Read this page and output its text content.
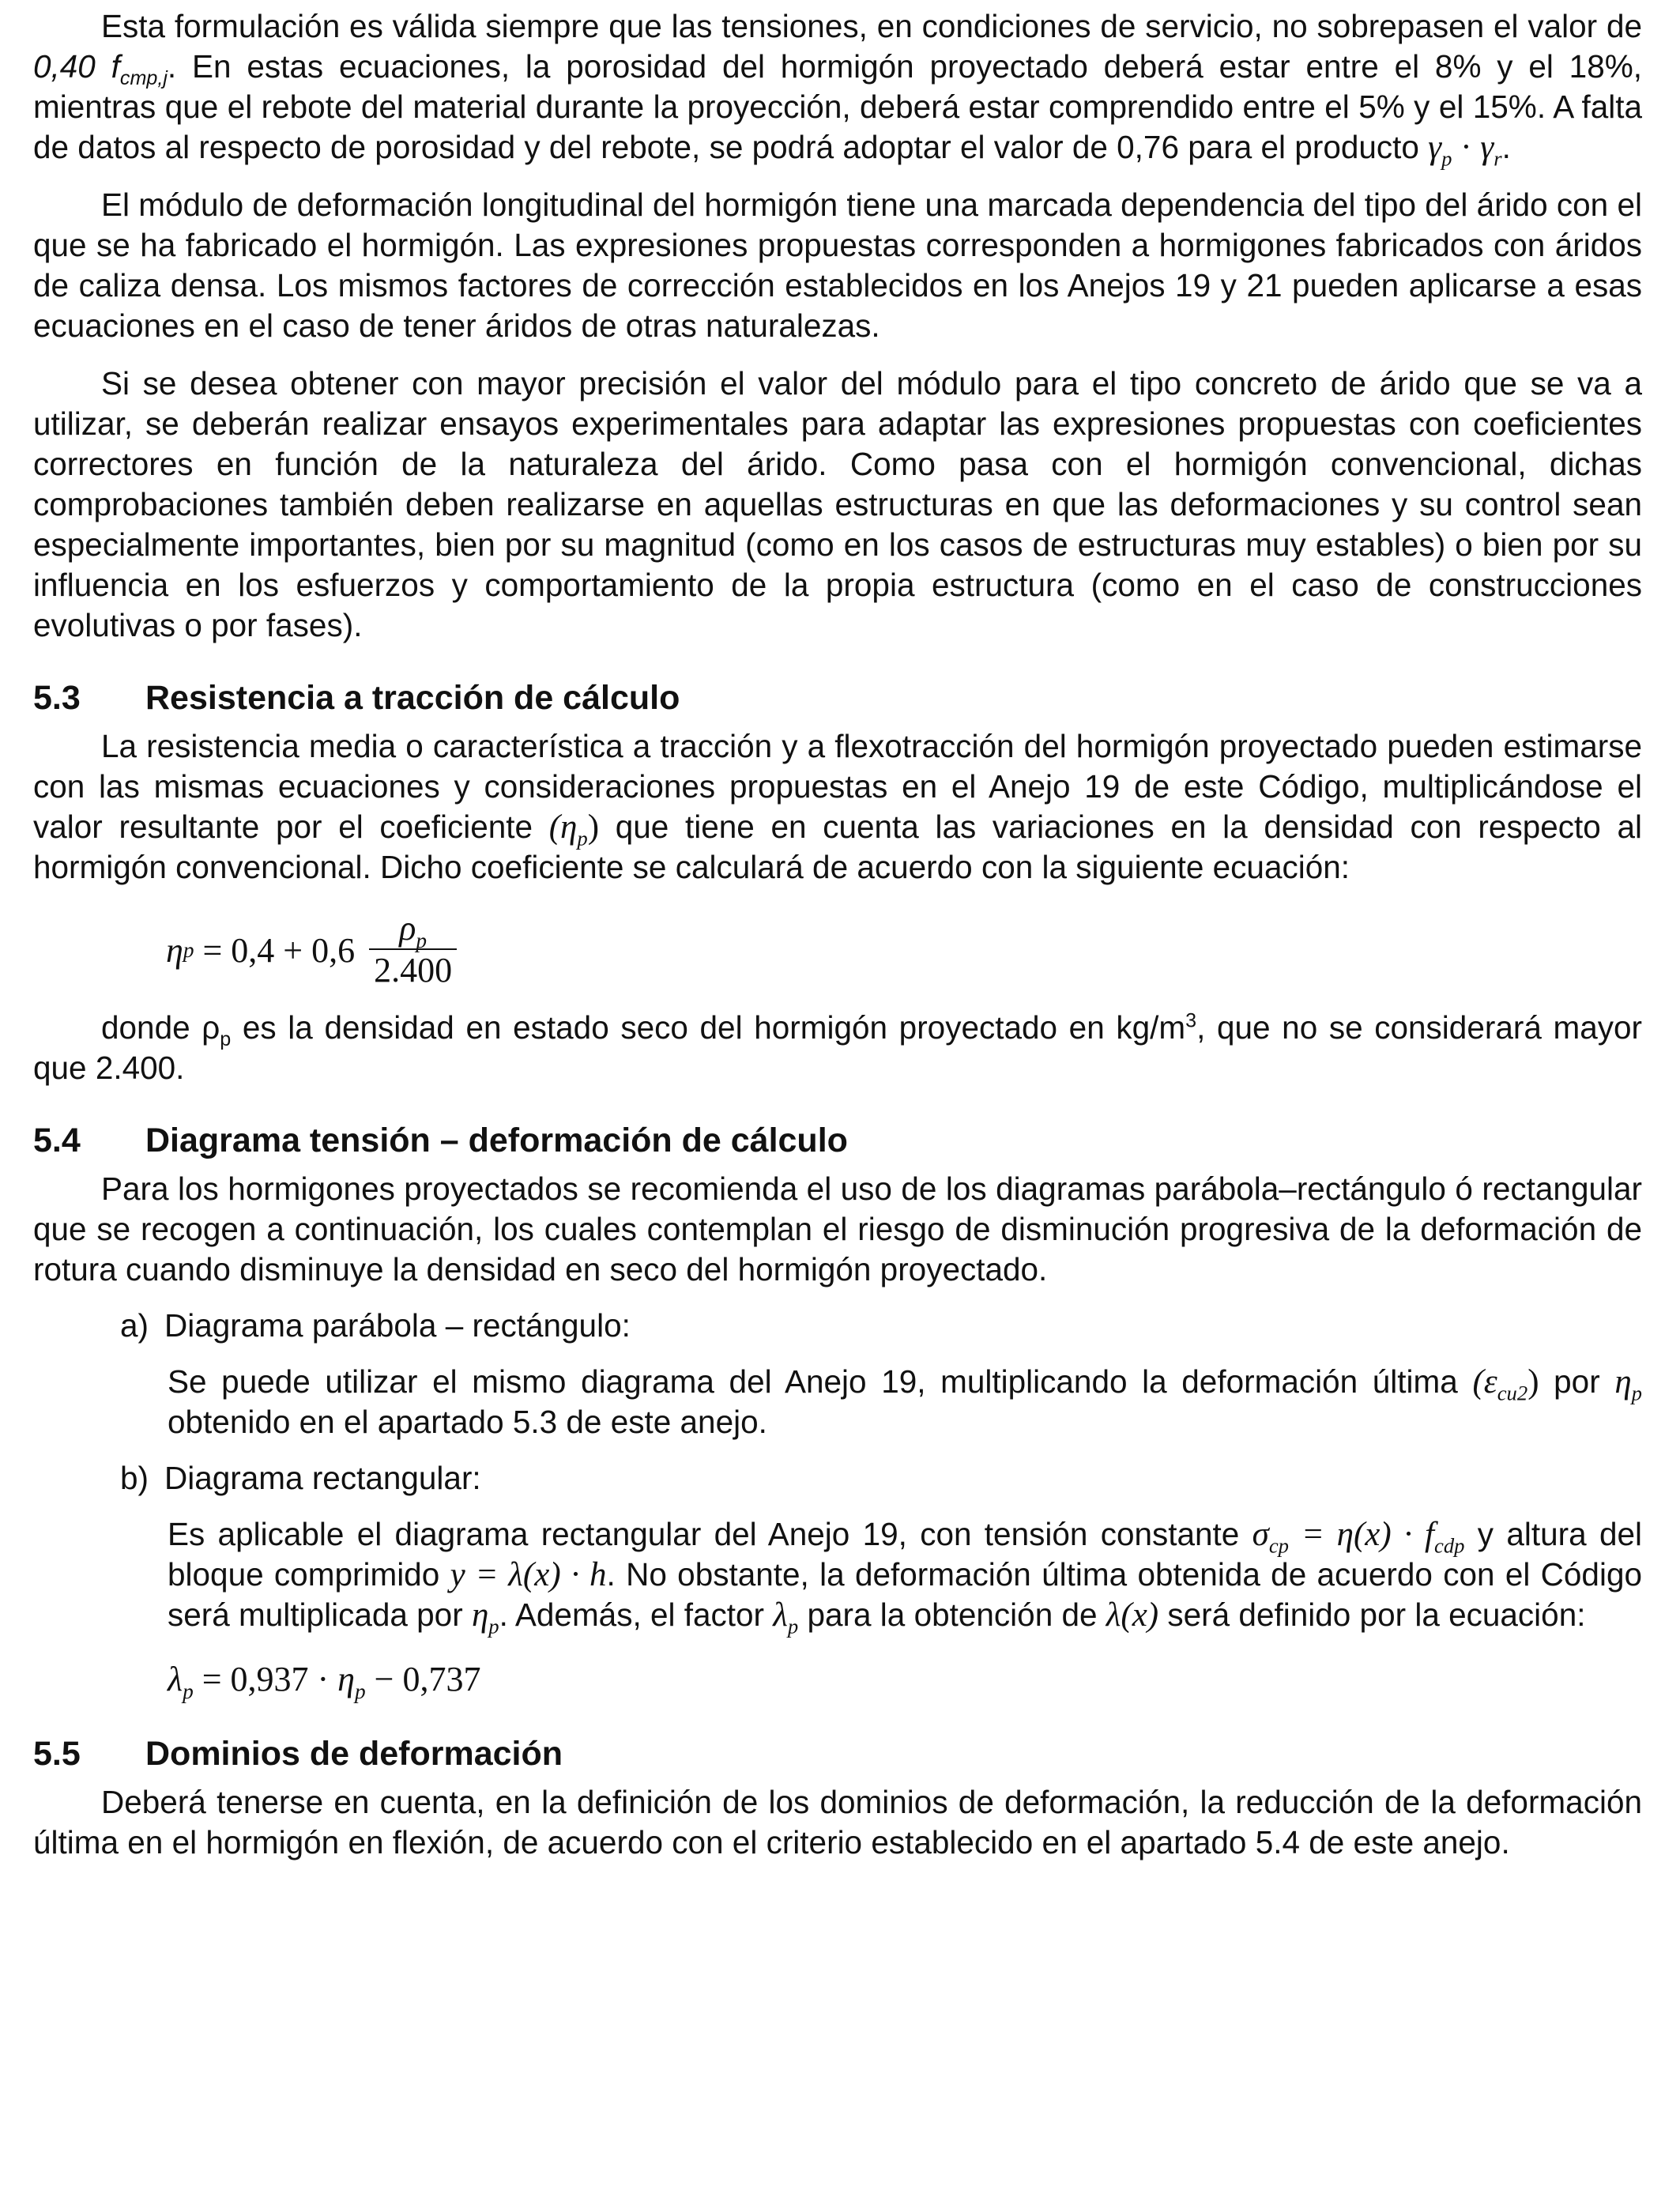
Esta formulación es válida siempre que las tensiones, en condiciones de servicio, no sobrepasen el valor de 0,40 $f_{cmp,j}$. En estas ecuaciones, la porosidad del hormigón proyectado deberá estar entre el 8% y el 18%, mientras que el rebote del material durante la proyección, deberá estar comprendido entre el 5% y el 15%. A falta de datos al respecto de porosidad y del rebote, se podrá adoptar el valor de 0,76 para el producto $\gamma_p \cdot \gamma_r$.

El módulo de deformación longitudinal del hormigón tiene una marcada dependencia del tipo del árido con el que se ha fabricado el hormigón. Las expresiones propuestas corresponden a hormigones fabricados con áridos de caliza densa. Los mismos factores de corrección establecidos en los Anejos 19 y 21 pueden aplicarse a esas ecuaciones en el caso de tener áridos de otras naturalezas.

Si se desea obtener con mayor precisión el valor del módulo para el tipo concreto de árido que se va a utilizar, se deberán realizar ensayos experimentales para adaptar las expresiones propuestas con coeficientes correctores en función de la naturaleza del árido. Como pasa con el hormigón convencional, dichas comprobaciones también deben realizarse en aquellas estructuras en que las deformaciones y su control sean especialmente importantes, bien por su magnitud (como en los casos de estructuras muy estables) o bien por su influencia en los esfuerzos y comportamiento de la propia estructura (como en el caso de construcciones evolutivas o por fases).

5.3	Resistencia a tracción de cálculo

La resistencia media o característica a tracción y a flexotracción del hormigón proyectado pueden estimarse con las mismas ecuaciones y consideraciones propuestas en el Anejo 19 de este Código, multiplicándose el valor resultante por el coeficiente $(\eta_p)$ que tiene en cuenta las variaciones en la densidad con respecto al hormigón convencional. Dicho coeficiente se calculará de acuerdo con la siguiente ecuación:

η $p = 0,4 + 0,6 \frac{\rho_p}{2.400}$

donde $\rho_p$ es la densidad en estado seco del hormigón proyectado en $kg/m^3$, que no se considerará mayor que 2.400.

5.4	Diagrama tensión – deformación de cálculo

Para los hormigones proyectados se recomienda el uso de los diagramas parábola–rectángulo ó rectangular que se recogen a continuación, los cuales contemplan el riesgo de disminución progresiva de la deformación de rotura cuando disminuye la densidad en seco del hormigón proyectado.

a) Diagrama parábola – rectángulo:

Se puede utilizar el mismo diagrama del Anejo 19, multiplicando la deformación última $(\varepsilon_{cu2})$ por $\eta_p$ obtenido en el apartado 5.3 de este anejo.

b) Diagrama rectangular:

Es aplicable el diagrama rectangular del Anejo 19, con tensión constante $\sigma_{cp} = \eta(x) \cdot f_{cdp}$ y altura del bloque comprimido y = λ(x) · h. No obstante, la deformación última obtenida de acuerdo con el Código será multiplicada por $\eta_p$. Además, el factor $\lambda_p$ para la obtención de λ(x) será definido por la ecuación:

$\lambda_p = 0,937 \cdot \eta_p - 0,737$
5.5	Dominios de deformación

Deberá tenerse en cuenta, en la definición de los dominios de deformación, la reducción de la deformación última en el hormigón en flexión, de acuerdo con el criterio establecido en el apartado 5.4 de este anejo.
